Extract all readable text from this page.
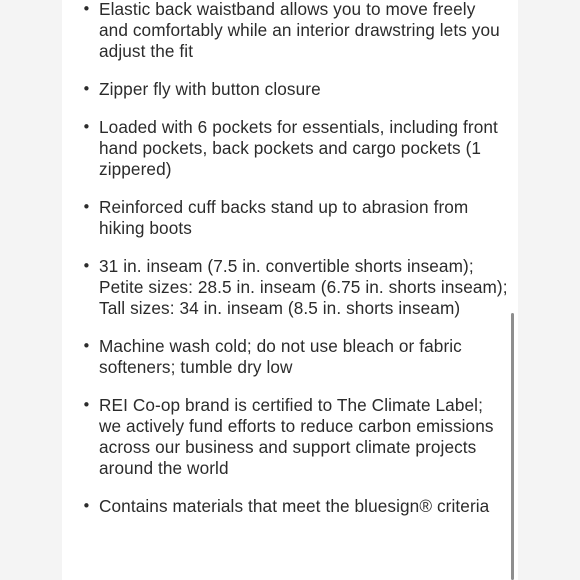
• Elastic back waistband allows you to move freely and comfortably while an interior drawstring lets you adjust the fit
• Zipper fly with button closure
• Loaded with 6 pockets for essentials, including front hand pockets, back pockets and cargo pockets (1 zippered)
• Reinforced cuff backs stand up to abrasion from hiking boots
• 31 in. inseam (7.5 in. convertible shorts inseam); Petite sizes: 28.5 in. inseam (6.75 in. shorts inseam); Tall sizes: 34 in. inseam (8.5 in. shorts inseam)
• Machine wash cold; do not use bleach or fabric softeners; tumble dry low
• REI Co-op brand is certified to The Climate Label; we actively fund efforts to reduce carbon emissions across our business and support climate projects around the world
• Contains materials that meet the bluesign® criteria
